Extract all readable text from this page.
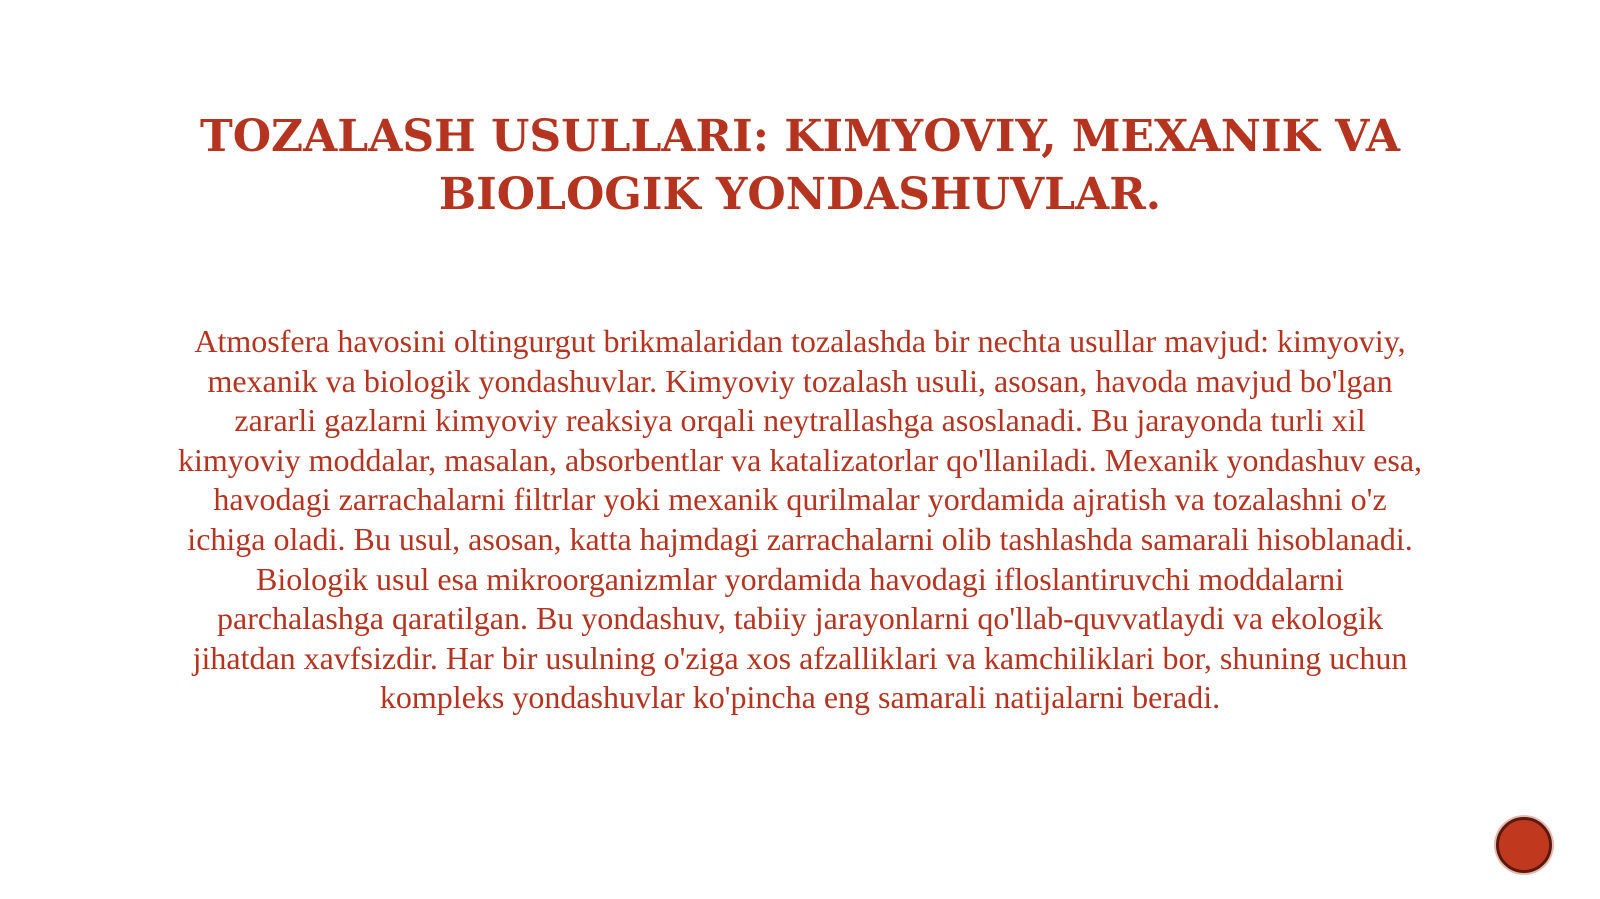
TOZALASH USULLARI: KIMYOVIY, MEXANIK VA BIOLOGIK YONDASHUVLAR.

Atmosfera havosini oltingurgut brikmalaridan tozalashda bir nechta usullar mavjud: kimyoviy, mexanik va biologik yondashuvlar. Kimyoviy tozalash usuli, asosan, havoda mavjud bo'lgan zararli gazlarni kimyoviy reaksiya orqali neytrallashga asoslanadi. Bu jarayonda turli xil kimyoviy moddalar, masalan, absorbentlar va katalizatorlar qo'llaniladi. Mexanik yondashuv esa, havodagi zarrachalarni filtrlar yoki mexanik qurilmalar yordamida ajratish va tozalashni o'z ichiga oladi. Bu usul, asosan, katta hajmdagi zarrachalarni olib tashlashda samarali hisoblanadi. Biologik usul esa mikroorganizmlar yordamida havodagi ifloslantiruvchi moddalarni parchalashga qaratilgan. Bu yondashuv, tabiiy jarayonlarni qo'llab-quvvatlaydi va ekologik jihatdan xavfsizdir. Har bir usulning o'ziga xos afzalliklari va kamchiliklari bor, shuning uchun kompleks yondashuvlar ko'pincha eng samarali natijalarni beradi.
